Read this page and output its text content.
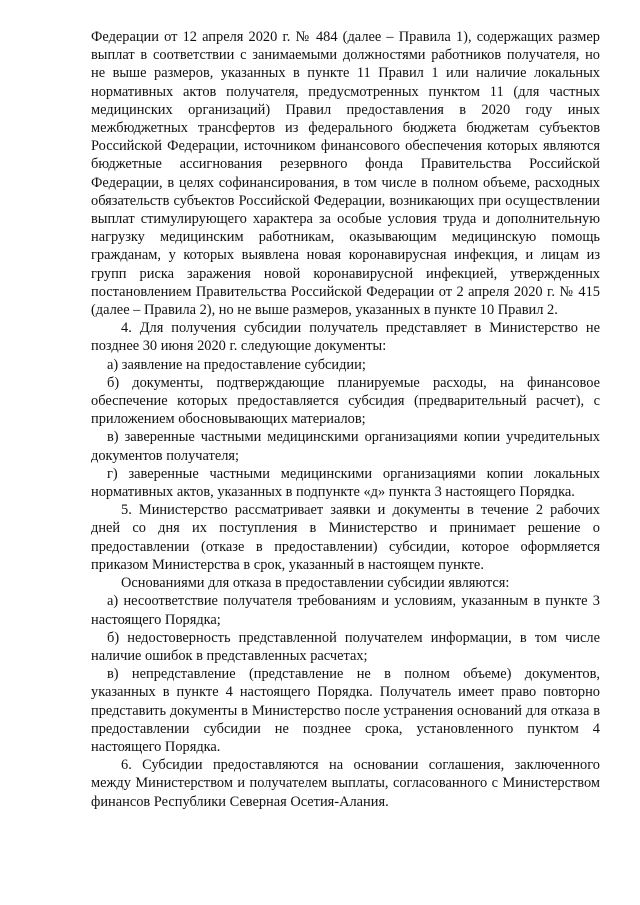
Федерации от 12 апреля 2020 г. № 484 (далее – Правила 1), содержащих размер выплат в соответствии с занимаемыми должностями работников получателя, но не выше размеров, указанных в пункте 11 Правил 1 или наличие локальных нормативных актов получателя, предусмотренных пунктом 11 (для частных медицинских организаций) Правил предоставления в 2020 году иных межбюджетных трансфертов из федерального бюджета бюджетам субъектов Российской Федерации, источником финансового обеспечения которых являются бюджетные ассигнования резервного фонда Правительства Российской Федерации, в целях софинансирования, в том числе в полном объеме, расходных обязательств субъектов Российской Федерации, возникающих при осуществлении выплат стимулирующего характера за особые условия труда и дополнительную нагрузку медицинским работникам, оказывающим медицинскую помощь гражданам, у которых выявлена новая коронавирусная инфекция, и лицам из групп риска заражения новой коронавирусной инфекцией, утвержденных постановлением Правительства Российской Федерации от 2 апреля 2020 г. № 415 (далее – Правила 2), но не выше размеров, указанных в пункте 10 Правил 2.

4. Для получения субсидии получатель представляет в Министерство не позднее 30 июня 2020 г. следующие документы:

а) заявление на предоставление субсидии;

б) документы, подтверждающие планируемые расходы, на финансовое обеспечение которых предоставляется субсидия (предварительный расчет), с приложением обосновывающих материалов;

в) заверенные частными медицинскими организациями копии учредительных документов получателя;

г) заверенные частными медицинскими организациями копии локальных нормативных актов, указанных в подпункте «д» пункта 3 настоящего Порядка.

5. Министерство рассматривает заявки и документы в течение 2 рабочих дней со дня их поступления в Министерство и принимает решение о предоставлении (отказе в предоставлении) субсидии, которое оформляется приказом Министерства в срок, указанный в настоящем пункте.

Основаниями для отказа в предоставлении субсидии являются:

а) несоответствие получателя требованиям и условиям, указанным в пункте 3 настоящего Порядка;

б) недостоверность представленной получателем информации, в том числе наличие ошибок в представленных расчетах;

в) непредставление (представление не в полном объеме) документов, указанных в пункте 4 настоящего Порядка. Получатель имеет право повторно представить документы в Министерство после устранения оснований для отказа в предоставлении субсидии не позднее срока, установленного пунктом 4 настоящего Порядка.

6. Субсидии предоставляются на основании соглашения, заключенного между Министерством и получателем выплаты, согласованного с Министерством финансов Республики Северная Осетия-Алания.
